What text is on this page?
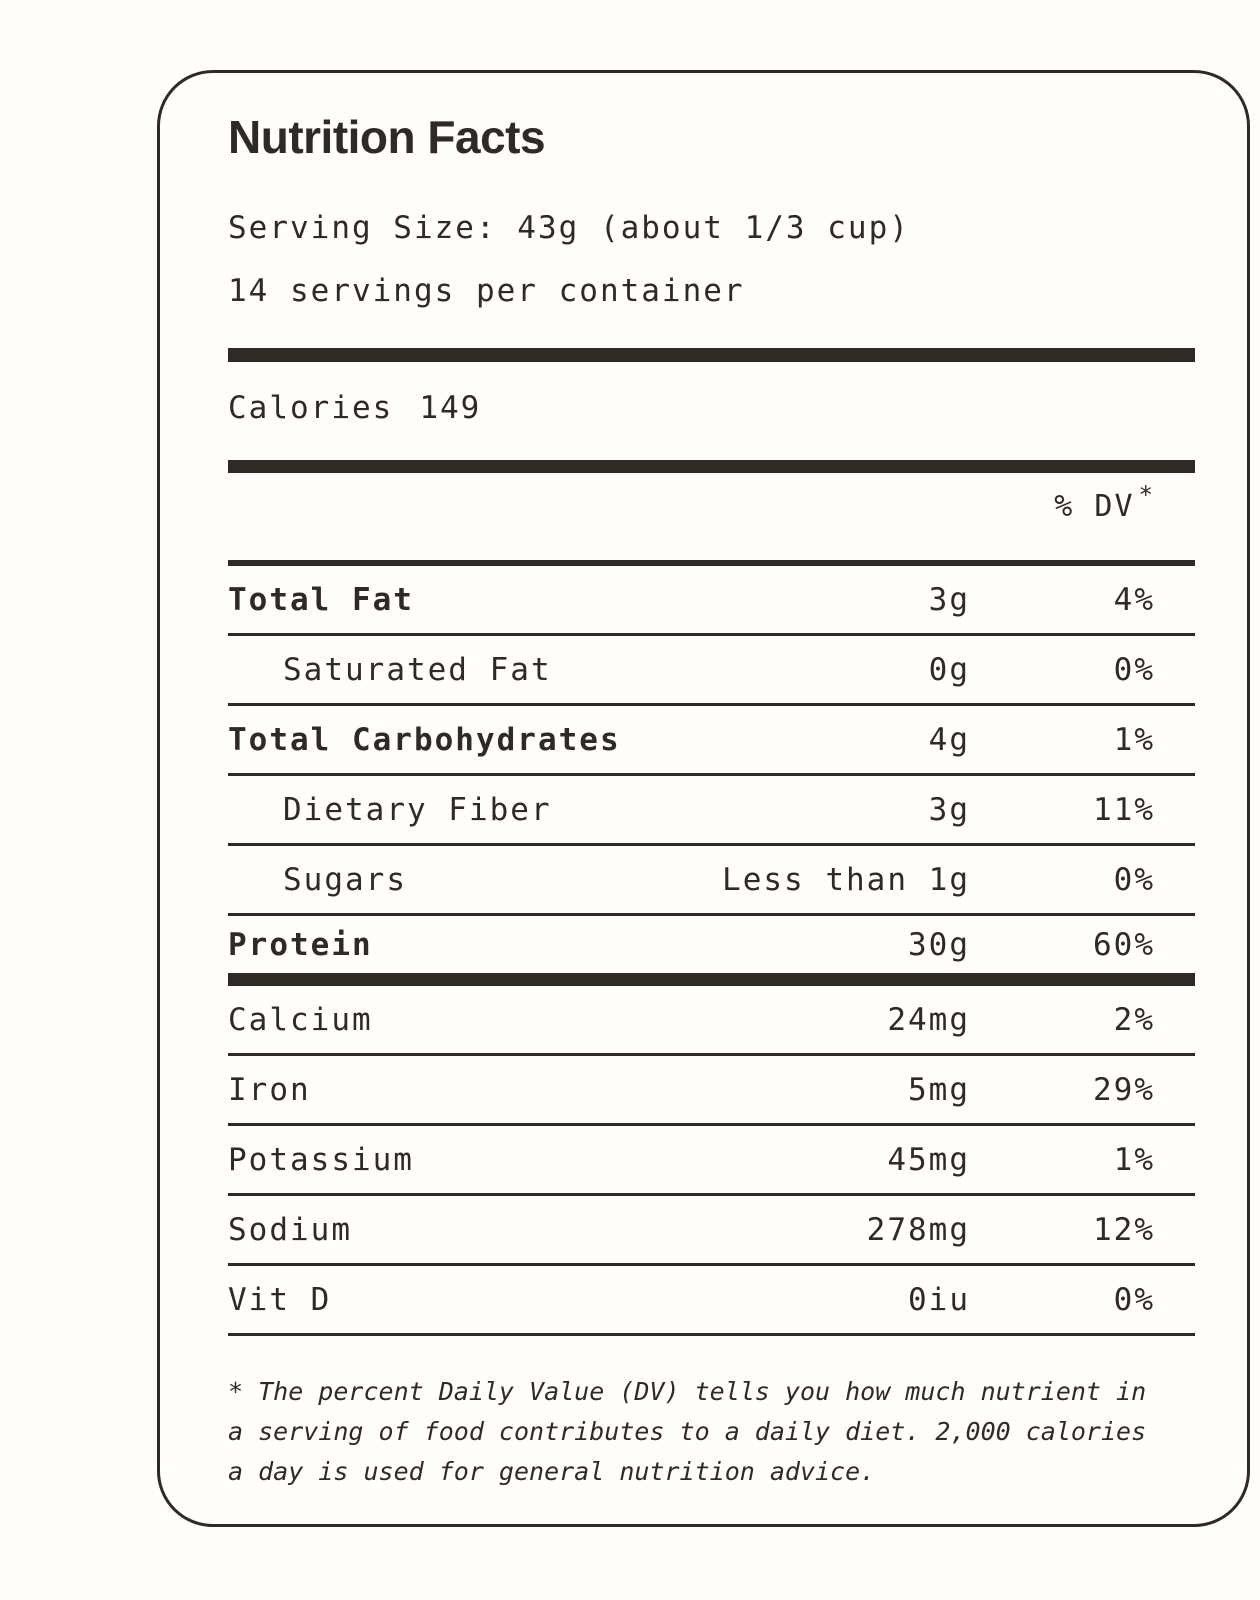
Nutrition Facts

Serving Size: 43g (about 1/3 cup)

14 servings per container

Calories 149
% DV *
Total Fat	3g	4%
Saturated Fat	0g	0%
Total Carbohydrates	4g	1%
Dietary Fiber	3g	11%
Sugars	Less than 1g	0%
Protein	30g	60%
Calcium	24mg	2%
Iron	5mg	29%
Potassium	45mg	1%
Sodium	278mg	12%
Vit D	0iu	0%

* The percent Daily Value (DV) tells you how much nutrient in a serving of food contributes to a daily diet. 2,000 calories a day is used for general nutrition advice.
